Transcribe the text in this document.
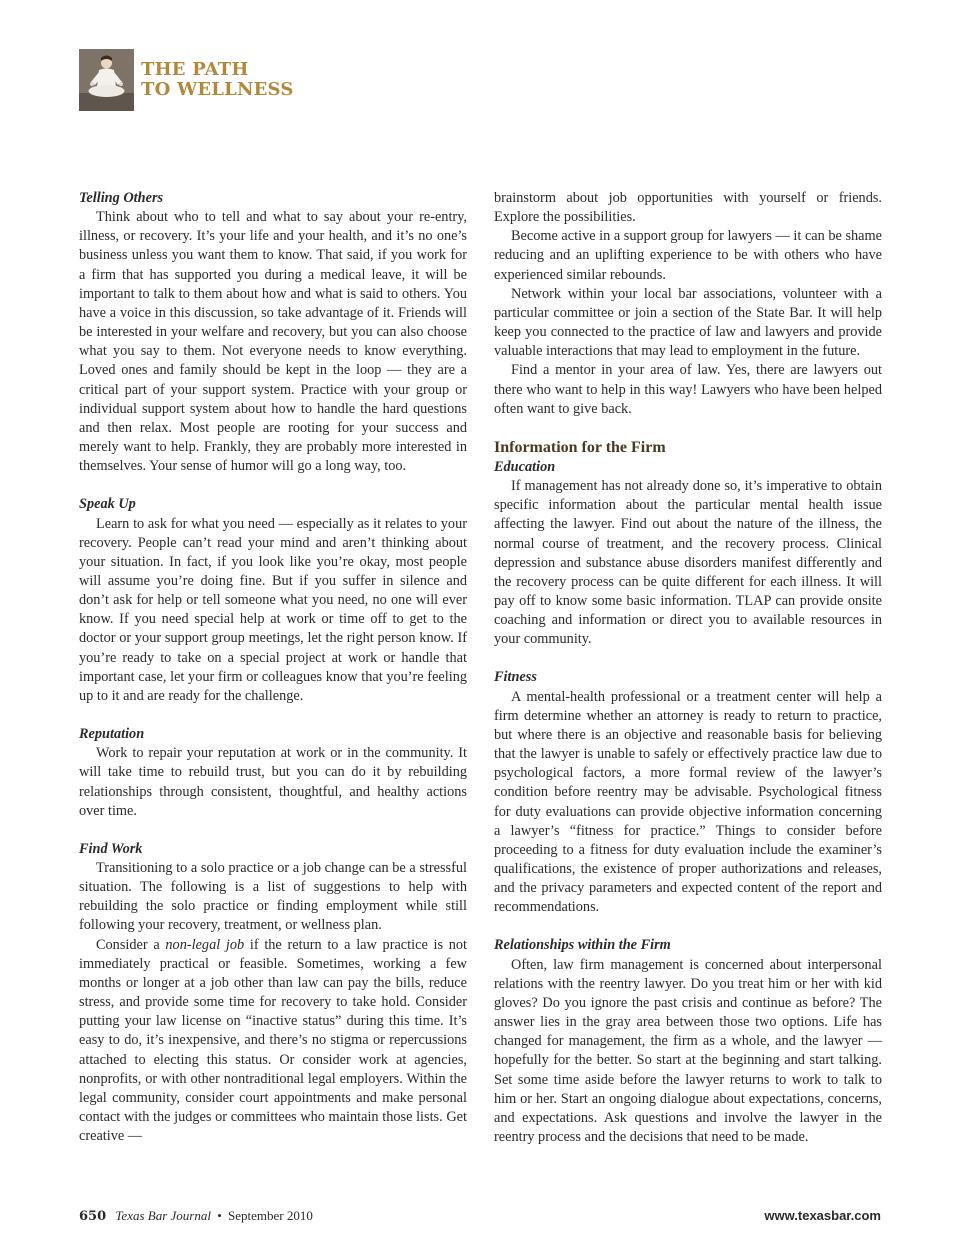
THE PATH
TO WELLNESS
Telling Others

Think about who to tell and what to say about your re-entry, illness, or recovery. It’s your life and your health, and it’s no one’s business unless you want them to know. That said, if you work for a firm that has supported you during a medical leave, it will be important to talk to them about how and what is said to others. You have a voice in this discussion, so take advantage of it. Friends will be interested in your welfare and recovery, but you can also choose what you say to them. Not everyone needs to know everything. Loved ones and family should be kept in the loop — they are a critical part of your support system. Practice with your group or individual support system about how to handle the hard questions and then relax. Most people are rooting for your success and merely want to help. Frankly, they are probably more interested in themselves. Your sense of humor will go a long way, too.

Speak Up

Learn to ask for what you need — especially as it relates to your recovery. People can’t read your mind and aren’t thinking about your situation. In fact, if you look like you’re okay, most people will assume you’re doing fine. But if you suffer in silence and don’t ask for help or tell someone what you need, no one will ever know. If you need special help at work or time off to get to the doctor or your support group meetings, let the right person know. If you’re ready to take on a special project at work or handle that important case, let your firm or colleagues know that you’re feeling up to it and are ready for the challenge.

Reputation

Work to repair your reputation at work or in the community. It will take time to rebuild trust, but you can do it by rebuilding relationships through consistent, thoughtful, and healthy actions over time.

Find Work

Transitioning to a solo practice or a job change can be a stressful situation. The following is a list of suggestions to help with rebuilding the solo practice or finding employment while still following your recovery, treatment, or wellness plan.

Consider a non-legal job if the return to a law practice is not immediately practical or feasible. Sometimes, working a few months or longer at a job other than law can pay the bills, reduce stress, and provide some time for recovery to take hold. Consider putting your law license on “inactive status” during this time. It’s easy to do, it’s inexpensive, and there’s no stigma or repercussions attached to electing this status. Or consider work at agencies, nonprofits, or with other nontraditional legal employers. Within the legal community, consider court appointments and make personal contact with the judges or committees who maintain those lists. Get creative —

brainstorm about job opportunities with yourself or friends. Explore the possibilities.

Become active in a support group for lawyers — it can be shame reducing and an uplifting experience to be with others who have experienced similar rebounds.

Network within your local bar associations, volunteer with a particular committee or join a section of the State Bar. It will help keep you connected to the practice of law and lawyers and provide valuable interactions that may lead to employment in the future.

Find a mentor in your area of law. Yes, there are lawyers out there who want to help in this way! Lawyers who have been helped often want to give back.

Information for the Firm
Education

If management has not already done so, it’s imperative to obtain specific information about the particular mental health issue affecting the lawyer. Find out about the nature of the illness, the normal course of treatment, and the recovery process. Clinical depression and substance abuse disorders manifest differently and the recovery process can be quite different for each illness. It will pay off to know some basic information. TLAP can provide onsite coaching and information or direct you to available resources in your community.

Fitness

A mental-health professional or a treatment center will help a firm determine whether an attorney is ready to return to practice, but where there is an objective and reasonable basis for believing that the lawyer is unable to safely or effectively practice law due to psychological factors, a more formal review of the lawyer’s condition before reentry may be advisable. Psychological fitness for duty evaluations can provide objective information concerning a lawyer’s “fitness for practice.” Things to consider before proceeding to a fitness for duty evaluation include the examiner’s qualifications, the existence of proper authorizations and releases, and the privacy parameters and expected content of the report and recommendations.

Relationships within the Firm

Often, law firm management is concerned about interpersonal relations with the reentry lawyer. Do you treat him or her with kid gloves? Do you ignore the past crisis and continue as before? The answer lies in the gray area between those two options. Life has changed for management, the firm as a whole, and the lawyer — hopefully for the better. So start at the beginning and start talking. Set some time aside before the lawyer returns to work to talk to him or her. Start an ongoing dialogue about expectations, concerns, and expectations. Ask questions and involve the lawyer in the reentry process and the decisions that need to be made.

650 Texas Bar Journal • September 2010	www.texasbar.com
